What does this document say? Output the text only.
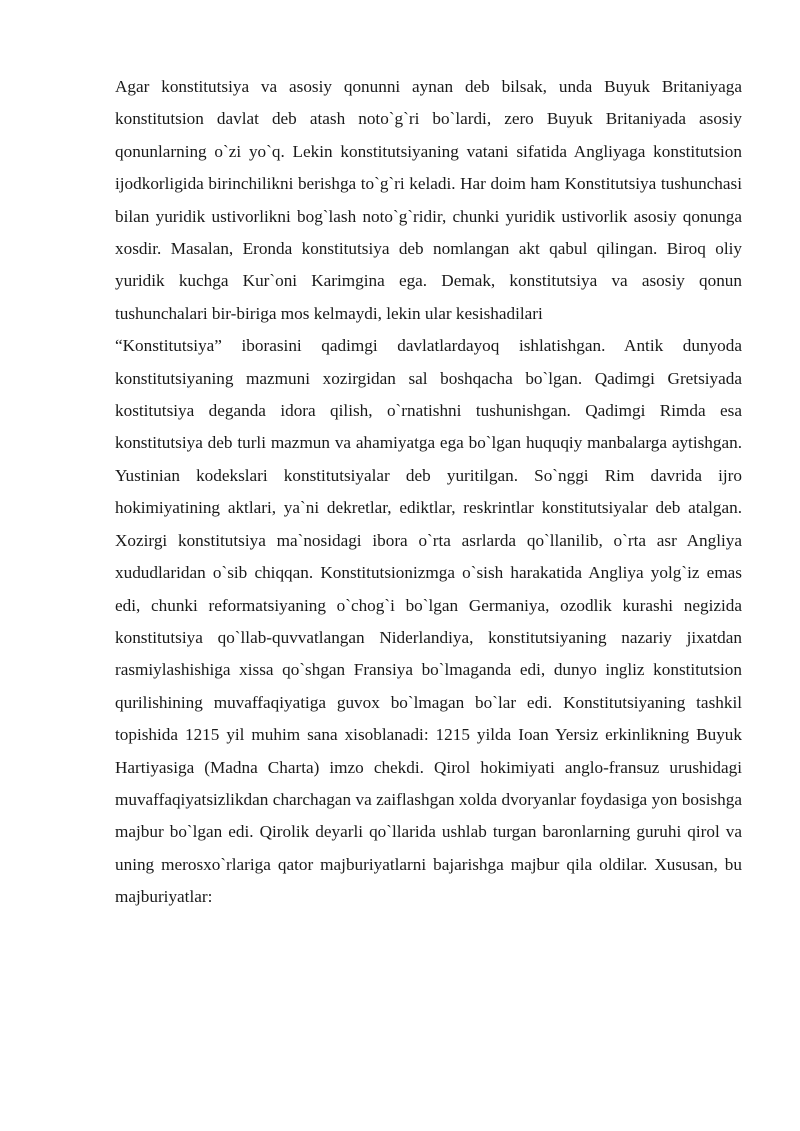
Agar konstitutsiya va asosiy qonunni aynan deb bilsak, unda Buyuk Britaniyaga konstitutsion davlat deb atash noto`g`ri bo`lardi, zero Buyuk Britaniyada asosiy qonunlarning o`zi yo`q. Lekin konstitutsiyaning vatani sifatida Angliyaga konstitutsion ijodkorligida birinchilikni berishga to`g`ri keladi. Har doim ham Konstitutsiya tushunchasi bilan yuridik ustivorlikni bog`lash noto`g`ridir, chunki yuridik ustivorlik asosiy qonunga xosdir. Masalan, Eronda konstitutsiya deb nomlangan akt qabul qilingan. Biroq oliy yuridik kuchga Kur`oni Karimgina ega. Demak, konstitutsiya va asosiy qonun tushunchalari bir-biriga mos kelmaydi, lekin ular kesishadilari

“Konstitutsiya” iborasini qadimgi davlatlardayoq ishlatishgan. Antik dunyoda konstitutsiyaning mazmuni xozirgidan sal boshqacha bo`lgan. Qadimgi Gretsiyada kostitutsiya deganda idora qilish, o`rnatishni tushunishgan. Qadimgi Rimda esa konstitutsiya deb turli mazmun va ahamiyatga ega bo`lgan huquqiy manbalarga aytishgan. Yustinian kodekslari konstitutsiyalar deb yuritilgan. So`nggi Rim davrida ijro hokimiyatining aktlari, ya`ni dekretlar, ediktlar, reskrintlar konstitutsiyalar deb atalgan. Xozirgi konstitutsiya ma`nosidagi ibora o`rta asrlarda qo`llanilib, o`rta asr Angliya xududlaridan o`sib chiqqan. Konstitutsionizmga o`sish harakatida Angliya yolg`iz emas edi, chunki reformatsiyaning o`chog`i bo`lgan Germaniya, ozodlik kurashi negizida konstitutsiya qo`llab-quvvatlangan Niderlandiya, konstitutsiyaning nazariy jixatdan rasmiylashishiga xissa qo`shgan Fransiya bo`lmaganda edi, dunyo ingliz konstitutsion qurilishining muvaffaqiyatiga guvox bo`lmagan bo`lar edi. Konstitutsiyaning tashkil topishida 1215 yil muhim sana xisoblanadi: 1215 yilda Ioan Yersiz erkinlikning Buyuk Hartiyasiga (Madna Charta) imzo chekdi. Qirol hokimiyati anglo-fransuz urushidagi muvaffaqiyatsizlikdan charchagan va zaiflashgan xolda dvoryanlar foydasiga yon bosishga majbur bo`lgan edi. Qirolik deyarli qo`llarida ushlab turgan baronlarning guruhi qirol va uning merosxo`rlariga qator majburiyatlarni bajarishga majbur qila oldilar. Xususan, bu majburiyatlar:
